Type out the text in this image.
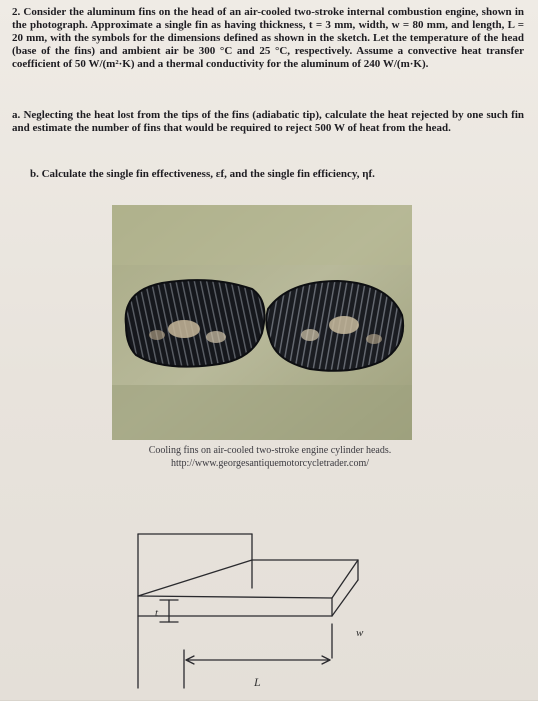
2. Consider the aluminum fins on the head of an air-cooled two-stroke internal combustion engine, shown in the photograph. Approximate a single fin as having thickness, t = 3 mm, width, w = 80 mm, and length, L = 20 mm, with the symbols for the dimensions defined as shown in the sketch. Let the temperature of the head (base of the fins) and ambient air be 300 °C and 25 °C, respectively. Assume a convective heat transfer coefficient of 50 W/(m²·K) and a thermal conductivity for the aluminum of 240 W/(m·K).

a. Neglecting the heat lost from the tips of the fins (adiabatic tip), calculate the heat rejected by one such fin and estimate the number of fins that would be required to reject 500 W of heat from the head.
b. Calculate the single fin effectiveness, εf, and the single fin efficiency, ηf.
Cooling fins on air-cooled two-stroke engine cylinder heads.
http://www.georgesantiquemotorcycletrader.com/
t
L
w
